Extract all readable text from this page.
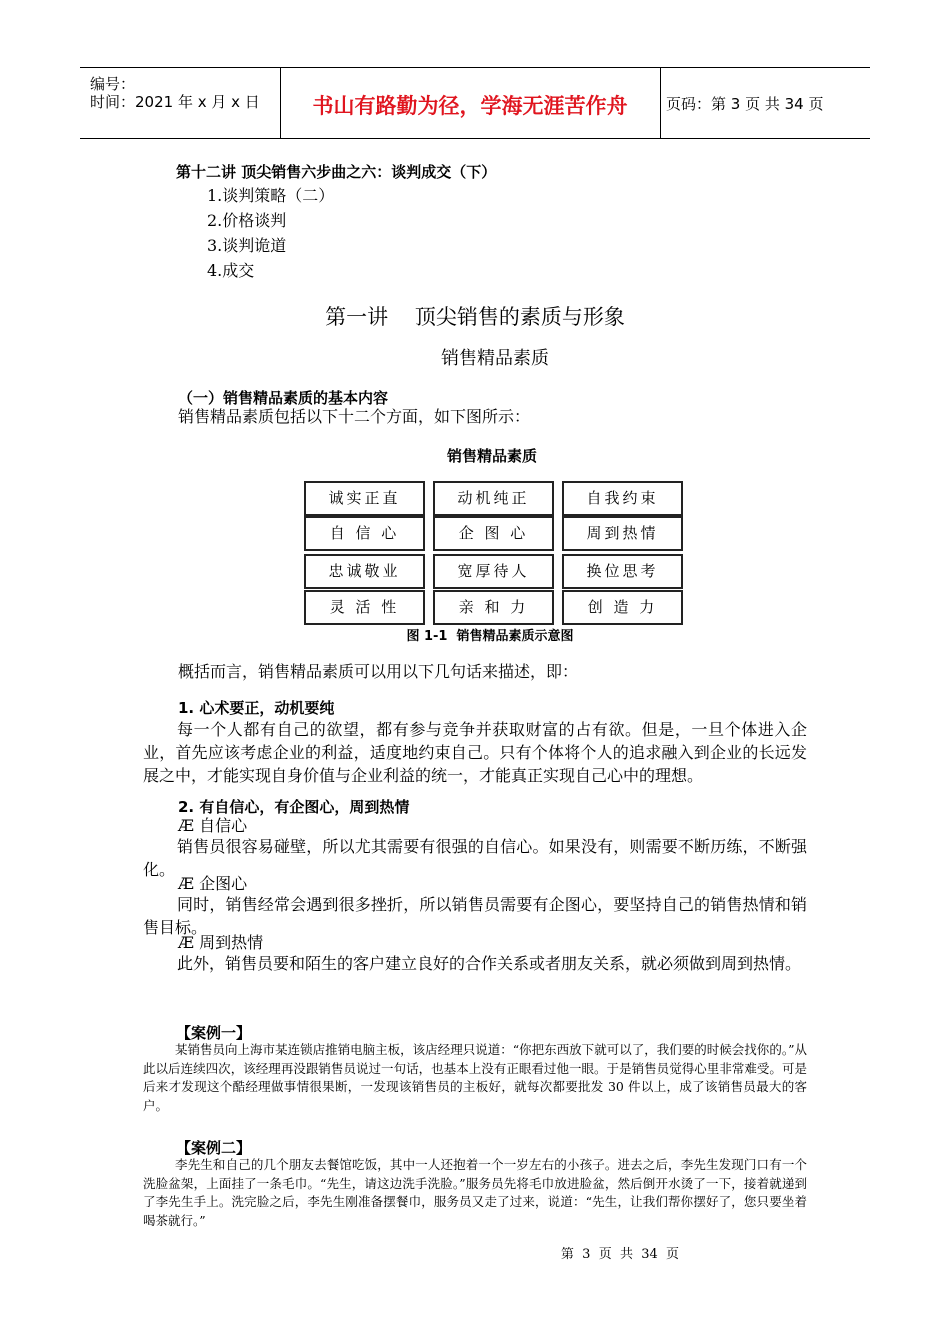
编号：
时间：2021 年 x 月 x 日	书山有路勤为径，学海无涯苦作舟	页码：第 3 页 共 34 页
第十二讲 顶尖销售六步曲之六：谈判成交（下）
1.谈判策略（二）
2.价格谈判
3.谈判诡道
4.成交
第一讲    顶尖销售的素质与形象
销售精品素质
（一）销售精品素质的基本内容
销售精品素质包括以下十二个方面，如下图所示：
销售精品素质
诚实正直	动机纯正	自我约束
自 信 心	企 图 心	周到热情
忠诚敬业	宽厚待人	换位思考
灵 活 性	亲 和 力	创 造 力
图 1-1  销售精品素质示意图
概括而言，销售精品素质可以用以下几句话来描述，即：
1. 心术要正，动机要纯
每一个人都有自己的欲望，都有参与竞争并获取财富的占有欲。但是，一旦个体进入企业，首先应该考虑企业的利益，适度地约束自己。只有个体将个人的追求融入到企业的长远发展之中，才能实现自身价值与企业利益的统一，才能真正实现自己心中的理想。
2. 有自信心，有企图心，周到热情
Æ 自信心
销售员很容易碰壁，所以尤其需要有很强的自信心。如果没有，则需要不断历练，不断强化。
Æ 企图心
同时，销售经常会遇到很多挫折，所以销售员需要有企图心，要坚持自己的销售热情和销售目标。
Æ 周到热情
此外，销售员要和陌生的客户建立良好的合作关系或者朋友关系，就必须做到周到热情。
【案例一】
某销售员向上海市某连锁店推销电脑主板，该店经理只说道：“你把东西放下就可以了，我们要的时候会找你的。”从此以后连续四次，该经理再没跟销售员说过一句话，也基本上没有正眼看过他一眼。于是销售员觉得心里非常难受。可是后来才发现这个酷经理做事情很果断，一发现该销售员的主板好，就每次都要批发 30 件以上，成了该销售员最大的客户。
【案例二】
李先生和自己的几个朋友去餐馆吃饭，其中一人还抱着一个一岁左右的小孩子。进去之后，李先生发现门口有一个洗脸盆架，上面挂了一条毛巾。“先生，请这边洗手洗脸。”服务员先将毛巾放进脸盆，然后倒开水烫了一下，接着就递到了李先生手上。洗完脸之后，李先生刚准备摆餐巾，服务员又走了过来，说道：“先生，让我们帮你摆好了，您只要坐着喝茶就行。”
第  3  页  共  34  页
